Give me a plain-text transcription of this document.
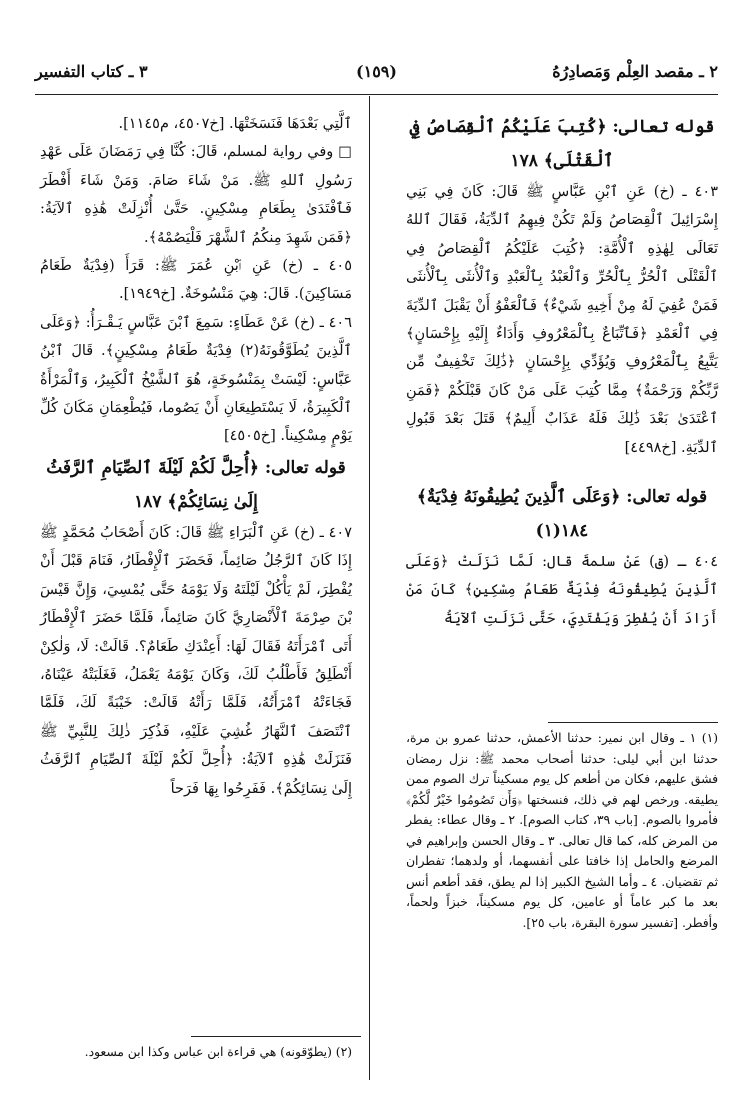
٢ ـ مقصد العِلْم وَمَصادِرُهُ
(١٥٩)
٣ ـ كتاب التفسير

قوله تعالى: ﴿كُتِبَ عَلَيْكُمُ ٱلْقِصَاصُ فِي ٱلْقَتْلَى﴾ ١٧٨

٤٠٣ ـ (خ) عَنِ ٱبْنِ عَبَّاسٍ ﷺ قَالَ: كَانَ فِي بَنِي إِسْرَائِيلَ ٱلْقِصَاصُ وَلَمْ تَكُنْ فِيهِمُ ٱلدِّيَةُ، فَقَالَ ٱللهُ تَعَالَى لِهٰذِهِ ٱلْأُمَّةِ: ﴿كُتِبَ عَلَيْكُمُ ٱلْقِصَاصُ فِي ٱلْقَتْلَى ٱلْحُرُّ بِٱلْحُرِّ وَٱلْعَبْدُ بِٱلْعَبْدِ وَٱلْأُنثَى بِٱلْأُنثَى فَمَنْ عُفِيَ لَهُ مِنْ أَخِيهِ شَيْءٌ﴾ فَٱلْعَفْوُ أَنْ يَقْبَلَ ٱلدِّيَةَ فِي ٱلْعَمْدِ ﴿فَٱتِّبَاعٌ بِٱلْمَعْرُوفِ وَأَدَاءٌ إِلَيْهِ بِإِحْسَانٍ﴾ يَتَّبِعُ بِٱلْمَعْرُوفِ وَيُؤَدِّي بِإِحْسَانٍ ﴿ذَٰلِكَ تَخْفِيفٌ مِّن رَّبِّكُمْ وَرَحْمَةٌ﴾ مِمَّا كُتِبَ عَلَى مَنْ كَانَ قَبْلَكُمْ ﴿فَمَنِ ٱعْتَدَىٰ بَعْدَ ذَٰلِكَ فَلَهُ عَذَابٌ أَلِيمٌ﴾ قَتَلَ بَعْدَ قَبُولِ ٱلدِّيَةِ. [خ٤٤٩٨]

قوله تعالى: ﴿وَعَلَى ٱلَّذِينَ يُطِيقُونَهُ فِدْيَةٌ﴾ ١٨٤(١)

٤٠٤ ـ (ق) عَنْ سلمةَ قال: لَمَّا نَزَلَتْ ﴿وَعَلَى ٱلَّذِينَ يُطِيقُونَهُ فِدْيَةٌ طَعَامُ مِسْكِينٍ﴾ كَانَ مَنْ أَرَادَ أَنْ يُفْطِرَ وَيَفْتَدِيَ، حَتَّى نَزَلَتِ ٱلآيَةُ

ٱلَّتِي بَعْدَهَا فَنَسَخَتْهَا. [خ٤٥٠٧، م١١٤٥].

□ وفي رواية لمسلم، قَالَ: كُنَّا فِي رَمَضَانَ عَلَى عَهْدِ رَسُولِ ٱللهِ ﷺ. مَنْ شَاءَ صَامَ. وَمَنْ شَاءَ أَفْطَرَ فَٱفْتَدَىٰ بِطَعَامِ مِسْكِينٍ. حَتَّىٰ أُنْزِلَتْ هَٰذِهِ ٱلآيَةُ: ﴿فَمَن شَهِدَ مِنكُمُ ٱلشَّهْرَ فَلْيَصُمْهُ﴾.

٤٠٥ ـ (خ) عَنِ ٱبْنِ عُمَرَ ﷺ: قَرَأَ (فِدْيَةٌ طَعَامُ مَسَاكِينَ). قَالَ: هِيَ مَنْسُوخَةٌ. [خ١٩٤٩].

٤٠٦ ـ (خ) عَنْ عَطَاءٍ: سَمِعَ ٱبْنَ عَبَّاسٍ يَـقْـرَأُ: ﴿وَعَلَى ٱلَّذِينَ يُطَوَّقُونَهُ(٢) فِدْيَةٌ طَعَامُ مِسْكِينٍ﴾. قَالَ ٱبْنُ عَبَّاسٍ: لَيْسَتْ بِمَنْسُوخَةٍ، هُوَ ٱلشَّيْخُ ٱلْكَبِيرُ، وَٱلْمَرْأَةُ ٱلْكَبِيرَةُ، لَا يَسْتَطِيعَانِ أَنْ يَصُوما، فَيُطْعِمَانِ مَكَانَ كُلِّ يَوْمٍ مِسْكِيناً. [خ٤٥٠٥]

قوله تعالى: ﴿أُحِلَّ لَكُمْ لَيْلَةَ ٱلصِّيَامِ ٱلرَّفَثُ إِلَىٰ نِسَائِكُمْ﴾ ١٨٧

٤٠٧ ـ (خ) عَنِ ٱلْبَرَاءِ ﷺ قَالَ: كَانَ أَصْحَابُ مُحَمَّدٍ ﷺ إِذَا كَانَ ٱلرَّجُلُ صَائِماً، فَحَضَرَ ٱلْإِفْطَارُ، فَنَامَ قَبْلَ أَنْ يُفْطِرَ، لَمْ يَأْكُلْ لَيْلَتَهُ وَلَا يَوْمَهُ حَتَّى يُمْسِيَ، وَإِنَّ قَيْسَ بْنَ صِرْمَةَ ٱلْأَنْصَارِيَّ كَانَ صَائِماً، فَلَمَّا حَضَرَ ٱلْإِفْطَارُ أَتَى ٱمْرَأَتَهُ فَقَالَ لَهَا: أَعِنْدَكِ طَعَامٌ؟. قَالَتْ: لَا، وَلٰكِنْ أَنْطَلِقُ فَأَطْلُبُ لَكَ، وَكَانَ يَوْمَهُ يَعْمَلُ، فَغَلَبَتْهُ عَيْنَاهُ، فَجَاءَتْهُ ٱمْرَأَتُهُ، فَلَمَّا رَأَتْهُ قَالَتْ: خَيْبَةً لَكَ، فَلَمَّا ٱنْتَصَفَ ٱلنَّهَارُ غُشِيَ عَلَيْهِ، فَذُكِرَ ذٰلِكَ لِلنَّبِيِّ ﷺ فَنَزَلَتْ هَٰذِهِ ٱلآيَةُ: ﴿أُحِلَّ لَكُمْ لَيْلَةَ ٱلصِّيَامِ ٱلرَّفَثُ إِلَىٰ نِسَائِكُمْ﴾. فَفَرِحُوا بِهَا فَرَحاً

(١) ١ ـ وقال ابن نمير: حدثنا الأعمش، حدثنا عمرو بن مرة، حدثنا ابن أبي ليلى: حدثنا أصحاب محمد ﷺ: نزل رمضان فشق عليهم، فكان من أطعم كل يوم مسكيناً ترك الصوم ممن يطيقه. ورخص لهم في ذلك، فنسختها ﴿وَأَن تَصُومُوا خَيْرٌ لَّكُمْ﴾ فأمروا بالصوم. [باب ٣٩، كتاب الصوم]. ٢ ـ وقال عطاء: يفطر من المرض كله، كما قال تعالى. ٣ ـ وقال الحسن وإبراهيم في المرضع والحامل إذا خافتا على أنفسهما، أو ولدهما؛ تفطران ثم تقضيان. ٤ ـ وأما الشيخ الكبير إذا لم يطق، فقد أطعم أنس بعد ما كبر عاماً أو عامين، كل يوم مسكيناً، خبزاً ولحماً، وأفطر. [تفسير سورة البقرة، باب ٢٥].
(٢) (يطوّقونه) هي قراءة ابن عباس وكذا ابن مسعود.
